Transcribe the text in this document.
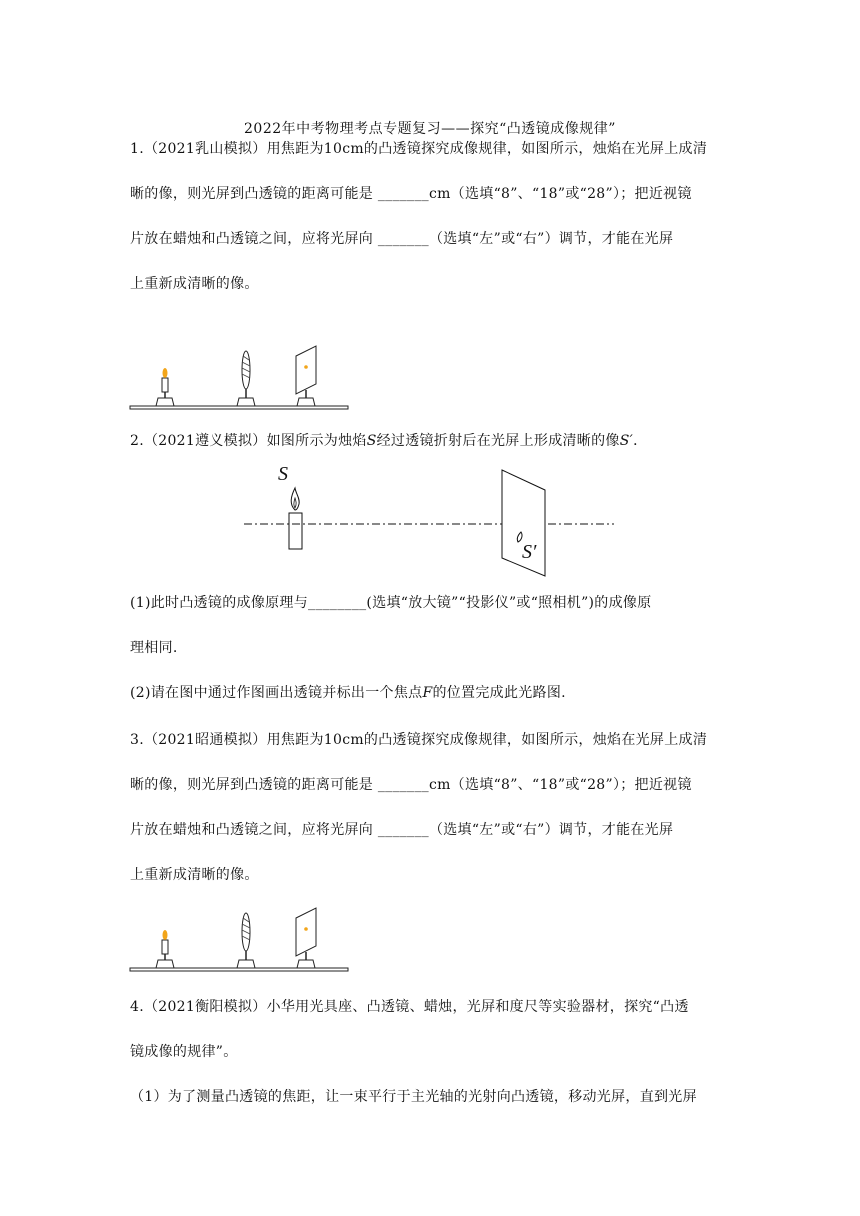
2022年中考物理考点专题复习——探究“凸透镜成像规律”
1.（2021乳山模拟）用焦距为10cm的凸透镜探究成像规律，如图所示，烛焰在光屏上成清
晰的像，则光屏到凸透镜的距离可能是 _______cm（选填“8”、“18”或“28”）；把近视镜
片放在蜡烛和凸透镜之间，应将光屏向 _______（选填“左”或“右”）调节，才能在光屏
上重新成清晰的像。
2.（2021遵义模拟）如图所示为烛焰S经过透镜折射后在光屏上形成清晰的像S′．
S
S′
(1)此时凸透镜的成像原理与________(选填“放大镜”“投影仪”或“照相机”)的成像原
理相同.
(2)请在图中通过作图画出透镜并标出一个焦点F的位置完成此光路图.
3.（2021昭通模拟）用焦距为10cm的凸透镜探究成像规律，如图所示，烛焰在光屏上成清
晰的像，则光屏到凸透镜的距离可能是 _______cm（选填“8”、“18”或“28”）；把近视镜
片放在蜡烛和凸透镜之间，应将光屏向 _______（选填“左”或“右”）调节，才能在光屏
上重新成清晰的像。
4.（2021衡阳模拟）小华用光具座、凸透镜、蜡烛，光屏和度尺等实验器材，探究“凸透
镜成像的规律”。
（1）为了测量凸透镜的焦距，让一束平行于主光轴的光射向凸透镜，移动光屏，直到光屏
